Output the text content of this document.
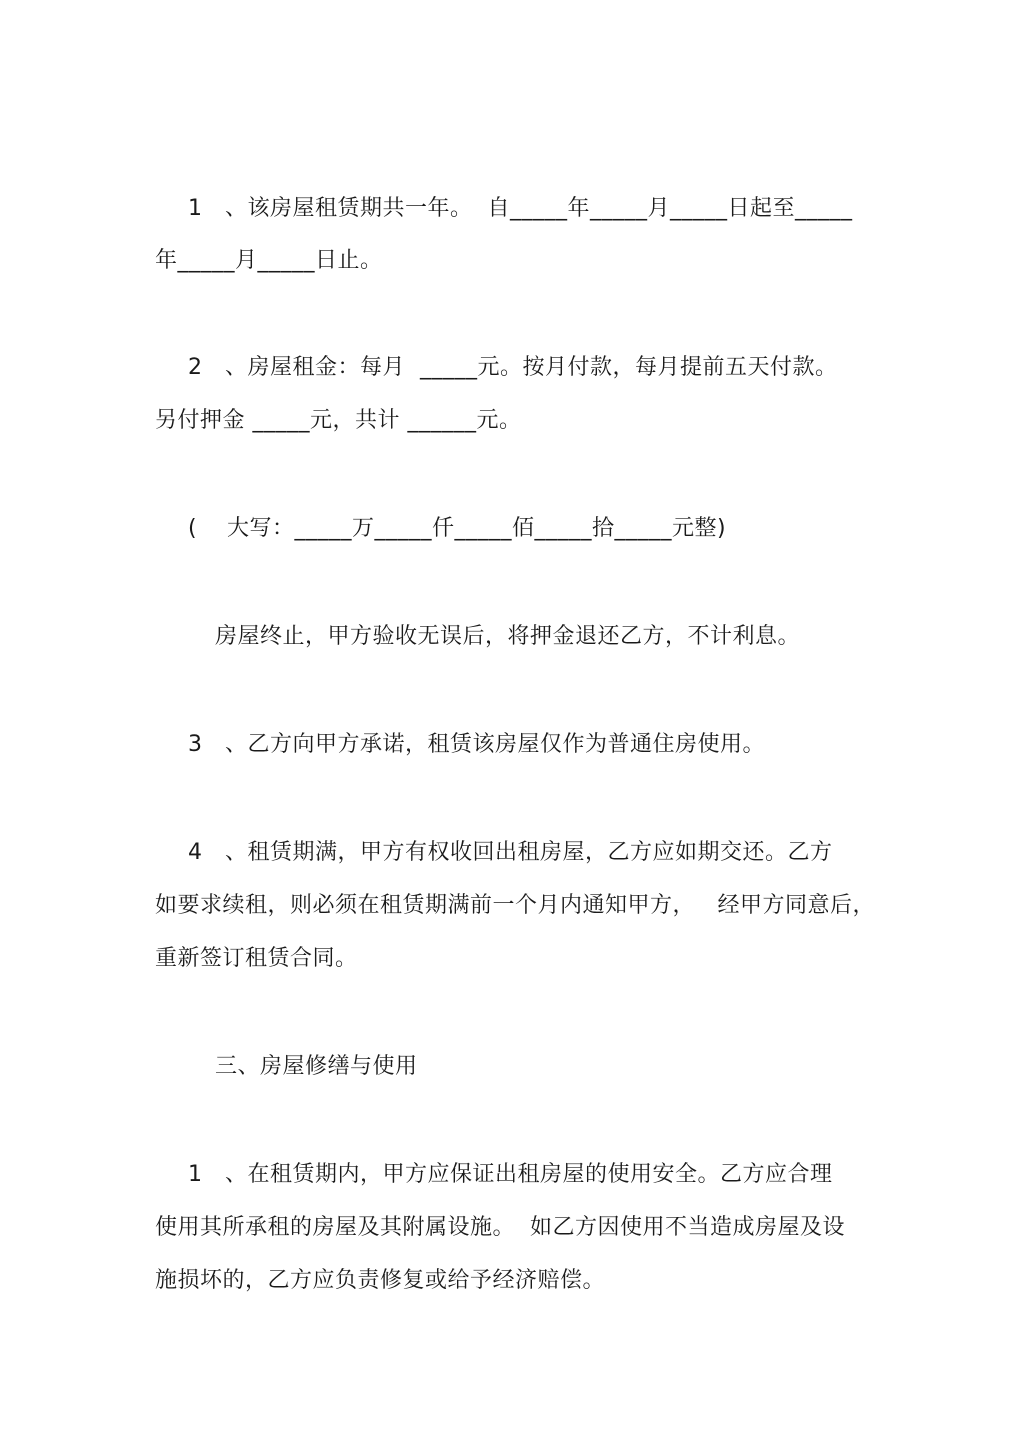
1   、该房屋租赁期共一年。  自_____年_____月_____日起至_____
年_____月_____日止。
2   、房屋租金：每月  _____元。按月付款，每月提前五天付款。
另付押金 _____元，共计 ______元。
(    大写：_____万_____仟_____佰_____拾_____元整)
房屋终止，甲方验收无误后，将押金退还乙方，不计利息。
3   、乙方向甲方承诺，租赁该房屋仅作为普通住房使用。
4   、租赁期满，甲方有权收回出租房屋，乙方应如期交还。乙方
如要求续租，则必须在租赁期满前一个月内通知甲方，   经甲方同意后，
重新签订租赁合同。
三、房屋修缮与使用
1   、在租赁期内，甲方应保证出租房屋的使用安全。乙方应合理
使用其所承租的房屋及其附属设施。  如乙方因使用不当造成房屋及设
施损坏的，乙方应负责修复或给予经济赔偿。
